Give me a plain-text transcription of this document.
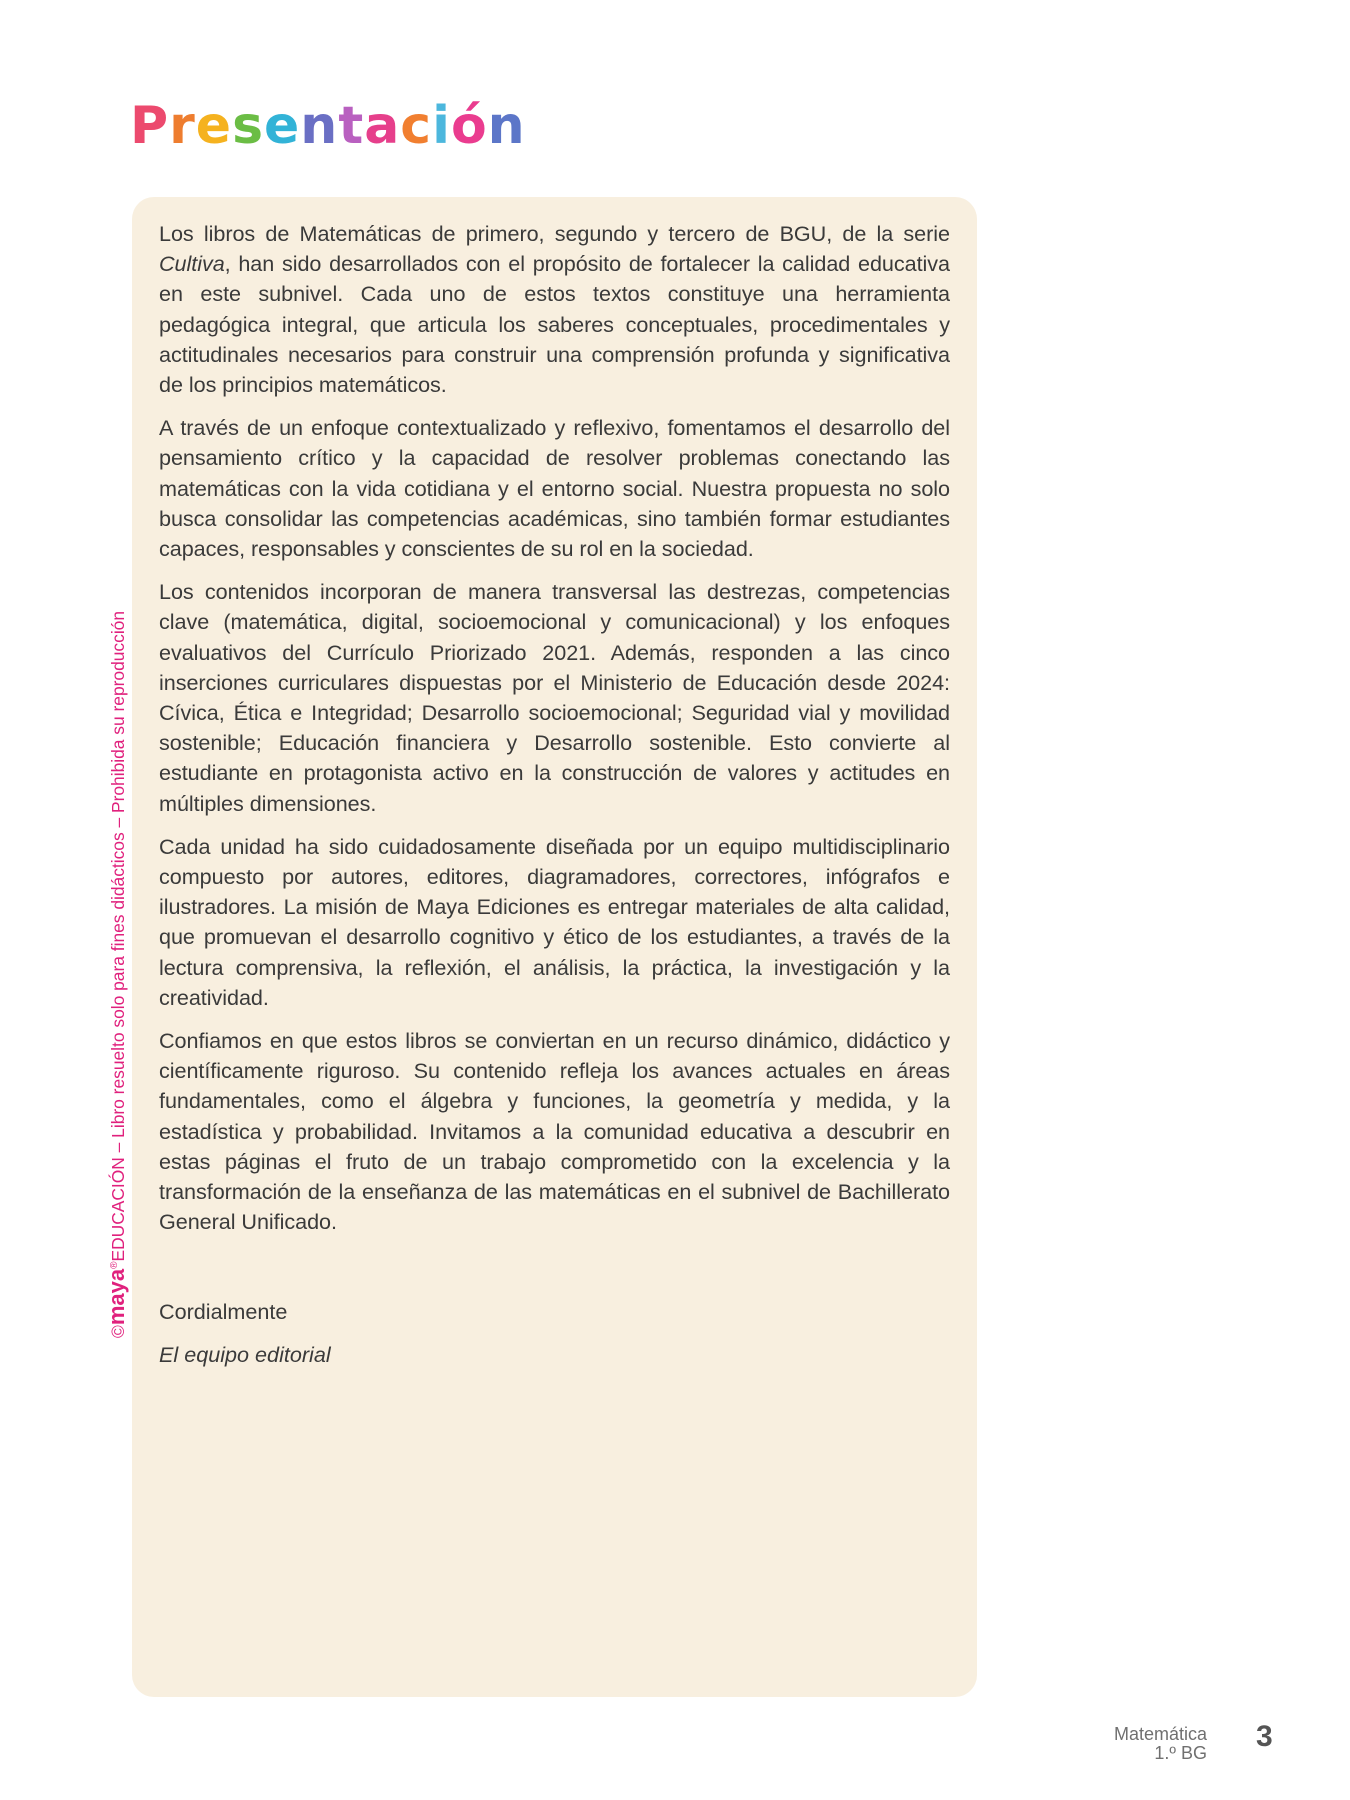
Presentación

Los libros de Matemáticas de primero, segundo y tercero de BGU, de la serie Cultiva, han sido desarrollados con el propósito de fortalecer la calidad educativa en este subnivel. Cada uno de estos textos constituye una herramienta pedagógica integral, que articula los saberes conceptuales, procedimentales y actitudinales necesarios para construir una comprensión profunda y significativa de los principios matemáticos.

A través de un enfoque contextualizado y reflexivo, fomentamos el desarrollo del pensamiento crítico y la capacidad de resolver problemas conectando las matemáticas con la vida cotidiana y el entorno social. Nuestra propuesta no solo busca consolidar las competencias académicas, sino también formar estudiantes capaces, responsables y conscientes de su rol en la sociedad.

Los contenidos incorporan de manera transversal las destrezas, competencias clave (matemática, digital, socioemocional y comunicacional) y los enfoques evaluativos del Currículo Priorizado 2021. Además, responden a las cinco inserciones curriculares dispuestas por el Ministerio de Educación desde 2024: Cívica, Ética e Integridad; Desarrollo socioemocional; Seguridad vial y movilidad sostenible; Educación financiera y Desarrollo sostenible. Esto convierte al estudiante en protagonista activo en la construcción de valores y actitudes en múltiples dimensiones.

Cada unidad ha sido cuidadosamente diseñada por un equipo multidisciplinario compuesto por autores, editores, diagramadores, correctores, infógrafos e ilustradores. La misión de Maya Ediciones es entregar materiales de alta calidad, que promuevan el desarrollo cognitivo y ético de los estudiantes, a través de la lectura comprensiva, la reflexión, el análisis, la práctica, la investigación y la creatividad.

Confiamos en que estos libros se conviertan en un recurso dinámico, didáctico y científicamente riguroso. Su contenido refleja los avances actuales en áreas fundamentales, como el álgebra y funciones, la geometría y medida, y la estadística y probabilidad. Invitamos a la comunidad educativa a descubrir en estas páginas el fruto de un trabajo comprometido con la excelencia y la transformación de la enseñanza de las matemáticas en el subnivel de Bachillerato General Unificado.

Cordialmente
El equipo editorial
©maya®EDUCACIÓN – Libro resuelto solo para fines didácticos – Prohibida su reproducción
Matemática
1.º BG 3
